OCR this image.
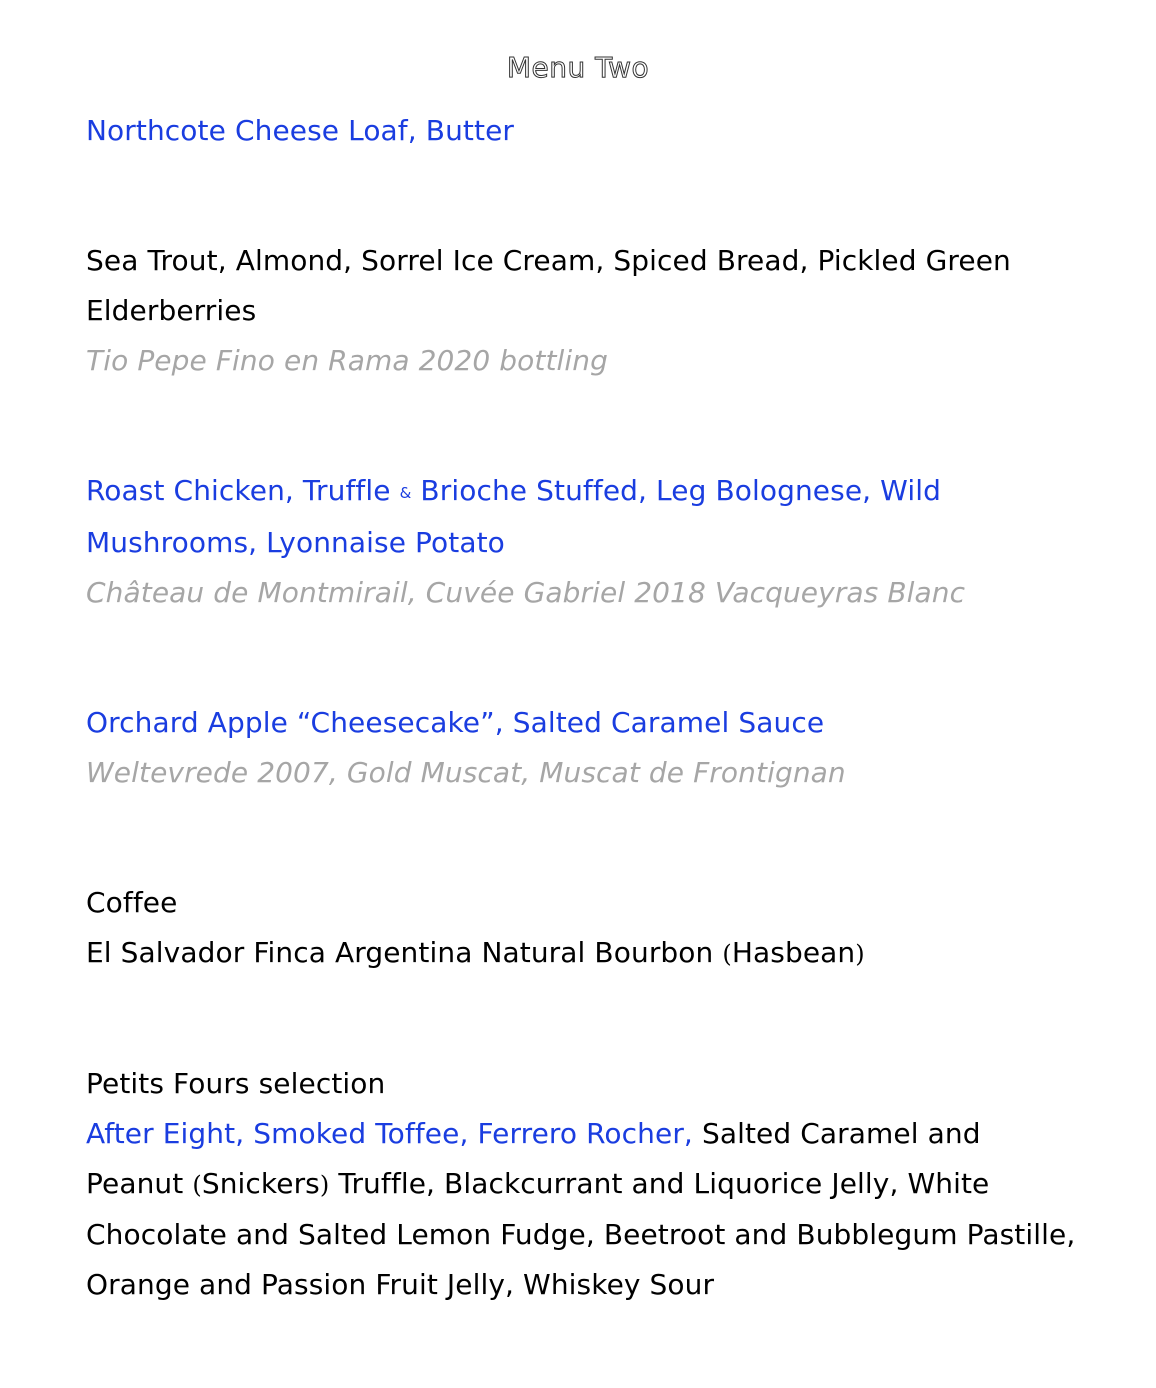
Menu Two

Northcote Cheese Loaf, Butter

Sea Trout, Almond, Sorrel Ice Cream, Spiced Bread, Pickled Green Elderberries

Tio Pepe Fino en Rama 2020 bottling

Roast Chicken, Truffle & Brioche Stuffed, Leg Bolognese, Wild Mushrooms, Lyonnaise Potato

Château de Montmirail, Cuvée Gabriel 2018 Vacqueyras Blanc

Orchard Apple “Cheesecake”, Salted Caramel Sauce

Weltevrede 2007, Gold Muscat, Muscat de Frontignan

Coffee

El Salvador Finca Argentina Natural Bourbon (Hasbean)

Petits Fours selection

After Eight, Smoked Toffee, Ferrero Rocher, Salted Caramel and Peanut (Snickers) Truffle, Blackcurrant and Liquorice Jelly, White Chocolate and Salted Lemon Fudge, Beetroot and Bubblegum Pastille, Orange and Passion Fruit Jelly, Whiskey Sour
